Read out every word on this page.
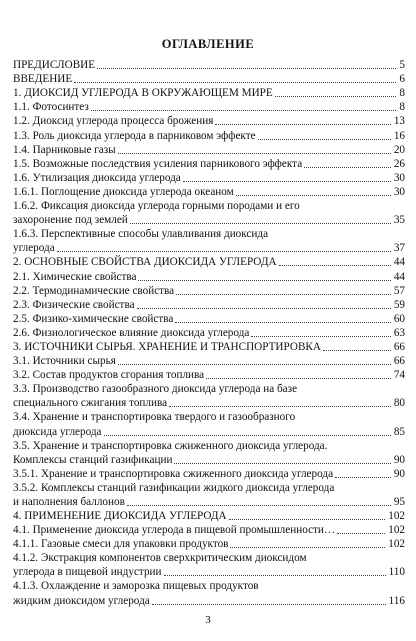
ОГЛАВЛЕНИЕ
ПРЕДИСЛОВИЕ	5
ВВЕДЕНИЕ	6
1. ДИОКСИД УГЛЕРОДА В ОКРУЖАЮЩЕМ МИРЕ	8
1.1. Фотосинтез	8
1.2. Диоксид углерода процесса брожения	13
1.3. Роль диоксида углерода в парниковом эффекте	16
1.4. Парниковые газы	20
1.5. Возможные последствия усиления парникового эффекта	26
1.6. Утилизация диоксида углерода	30
1.6.1. Поглощение диоксида углерода океаном	30
1.6.2. Фиксация диоксида углерода горными породами и его
захоронение под землей	35
1.6.3. Перспективные способы улавливания диоксида
углерода	37
2. ОСНОВНЫЕ СВОЙСТВА ДИОКСИДА УГЛЕРОДА	44
2.1. Химические свойства	44
2.2. Термодинамические свойства	57
2.3. Физические свойства	59
2.5. Физико-химические свойства	60
2.6. Физиологическое влияние диоксида углерода	63
3. ИСТОЧНИКИ СЫРЬЯ. ХРАНЕНИЕ И ТРАНСПОРТИРОВКА	66
3.1. Источники сырья	66
3.2. Состав продуктов сгорания топлива	74
3.3. Производство газообразного диоксида углерода на базе
специального сжигания топлива	80
3.4. Хранение и транспортировка твердого и газообразного
диоксида углерода	85
3.5. Хранение и транспортировка сжиженного диоксида углерода.
Комплексы станций газификации	90
3.5.1. Хранение и транспортировка сжиженного диоксида углерода	90
3.5.2. Комплексы станций газификации жидкого диоксида углерода
и наполнения баллонов	95
4. ПРИМЕНЕНИЕ ДИОКСИДА УГЛЕРОДА	102
4.1. Применение диоксида углерода в пищевой промышленности…	102
4.1.1. Газовые смеси для упаковки продуктов	102
4.1.2. Экстракция компонентов сверхкритическим диоксидом
углерода в пищевой индустрии	110
4.1.3. Охлаждение и заморозка пищевых продуктов
жидким диоксидом углерода	116
3
